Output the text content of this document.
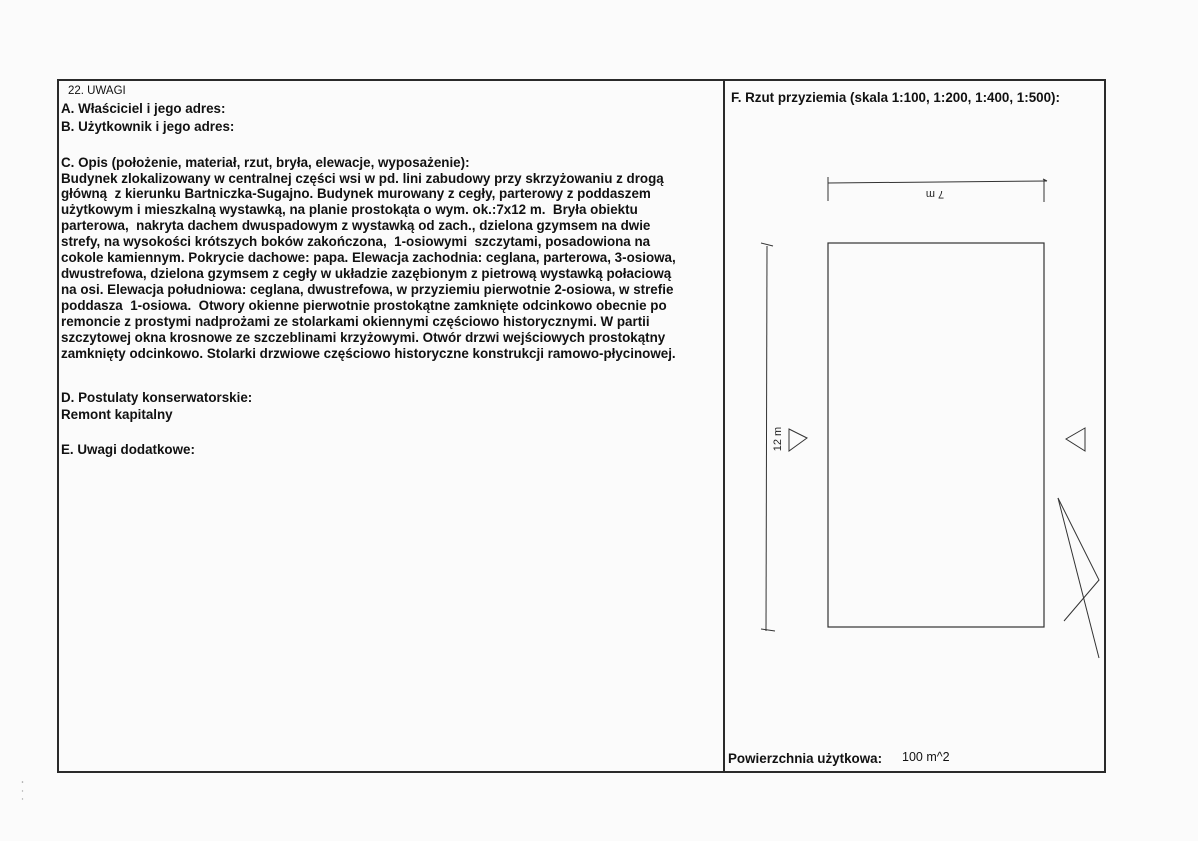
22. UWAGI
A. Właściciel i jego adres:
B. Użytkownik i jego adres:
C. Opis (położenie, materiał, rzut, bryła, elewacje, wyposażenie):
Budynek zlokalizowany w centralnej części wsi w pd. lini zabudowy przy skrzyżowaniu z drogą
główną  z kierunku Bartniczka-Sugajno. Budynek murowany z cegły, parterowy z poddaszem
użytkowym i mieszkalną wystawką, na planie prostokąta o wym. ok.:7x12 m.  Bryła obiektu
parterowa,  nakryta dachem dwuspadowym z wystawką od zach., dzielona gzymsem na dwie
strefy, na wysokości krótszych boków zakończona,  1-osiowymi  szczytami, posadowiona na
cokole kamiennym. Pokrycie dachowe: papa. Elewacja zachodnia: ceglana, parterowa, 3-osiowa,
dwustrefowa, dzielona gzymsem z cegły w układzie zazębionym z pietrową wystawką połaciową
na osi. Elewacja południowa: ceglana, dwustrefowa, w przyziemiu pierwotnie 2-osiowa, w strefie
poddasza  1-osiowa.  Otwory okienne pierwotnie prostokątne zamknięte odcinkowo obecnie po
remoncie z prostymi nadprożami ze stolarkami okiennymi częściowo historycznymi. W partii
szczytowej okna krosnowe ze szczeblinami krzyżowymi. Otwór drzwi wejściowych prostokątny
zamknięty odcinkowo. Stolarki drzwiowe częściowo historyczne konstrukcji ramowo-płycinowej.
D. Postulaty konserwatorskie:
Remont kapitalny
E. Uwagi dodatkowe:
F. Rzut przyziemia (skala 1:100, 1:200, 1:400, 1:500):
7 m
12 m
Powierzchnia użytkowa: 100 m^2
